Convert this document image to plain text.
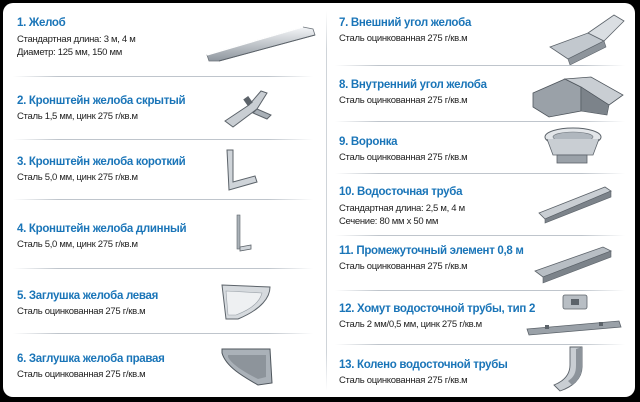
1. Желоб
Стандартная длина: 3 м, 4 м
Диаметр: 125 мм, 150 мм
2. Кронштейн желоба скрытый
Сталь 1,5 мм, цинк 275 г/кв.м
3. Кронштейн желоба короткий
Сталь 5,0 мм, цинк 275 г/кв.м
4. Кронштейн желоба длинный
Сталь 5,0 мм, цинк 275 г/кв.м
5. Заглушка желоба левая
Сталь оцинкованная 275 г/кв.м
6. Заглушка желоба правая
Сталь оцинкованная 275 г/кв.м
7. Внешний угол желоба
Сталь оцинкованная 275 г/кв.м
8. Внутренний угол желоба
Сталь оцинкованная 275 г/кв.м
9. Воронка
Сталь оцинкованная 275 г/кв.м
10. Водосточная труба
Стандартная длина: 2,5 м, 4 м
Сечение: 80 мм х 50 мм
11. Промежуточный элемент 0,8 м
Сталь оцинкованная 275 г/кв.м
12. Хомут водосточной трубы, тип 2
Сталь 2 мм/0,5 мм, цинк 275 г/кв.м
13. Колено водосточной трубы
Сталь оцинкованная 275 г/кв.м
